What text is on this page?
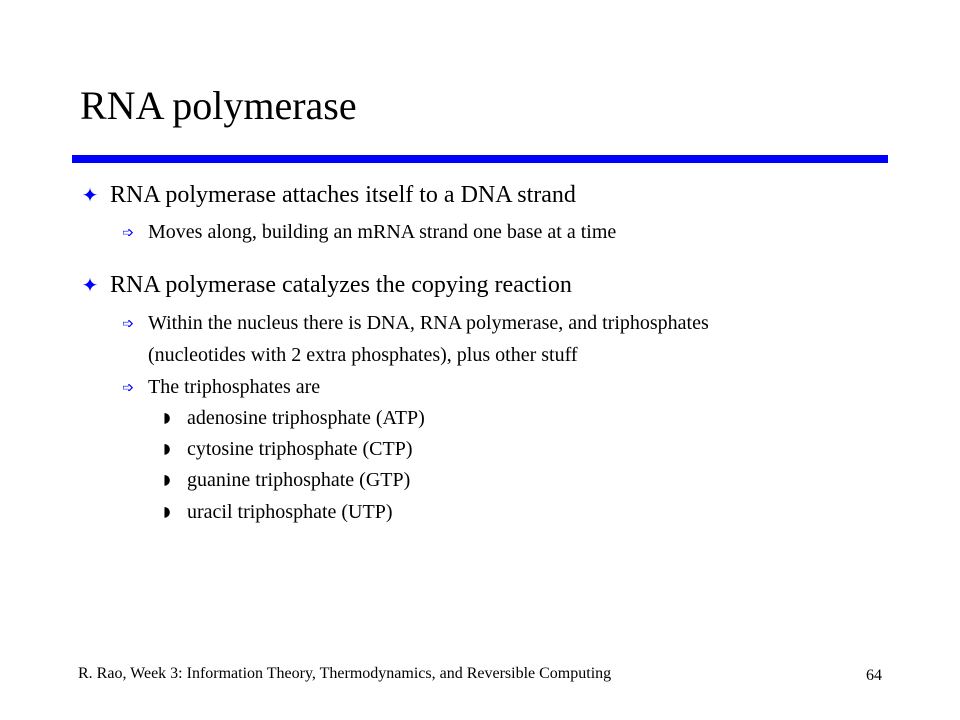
RNA polymerase
✦ RNA polymerase attaches itself to a DNA strand
➩ Moves along, building an mRNA strand one base at a time
✦ RNA polymerase catalyzes the copying reaction
➩ Within the nucleus there is DNA, RNA polymerase, and triphosphates
(nucleotides with 2 extra phosphates), plus other stuff
➩ The triphosphates are
◗ adenosine triphosphate (ATP)
◗ cytosine triphosphate (CTP)
◗ guanine triphosphate (GTP)
◗ uracil triphosphate (UTP)
R. Rao, Week 3: Information Theory, Thermodynamics, and Reversible Computing	64
